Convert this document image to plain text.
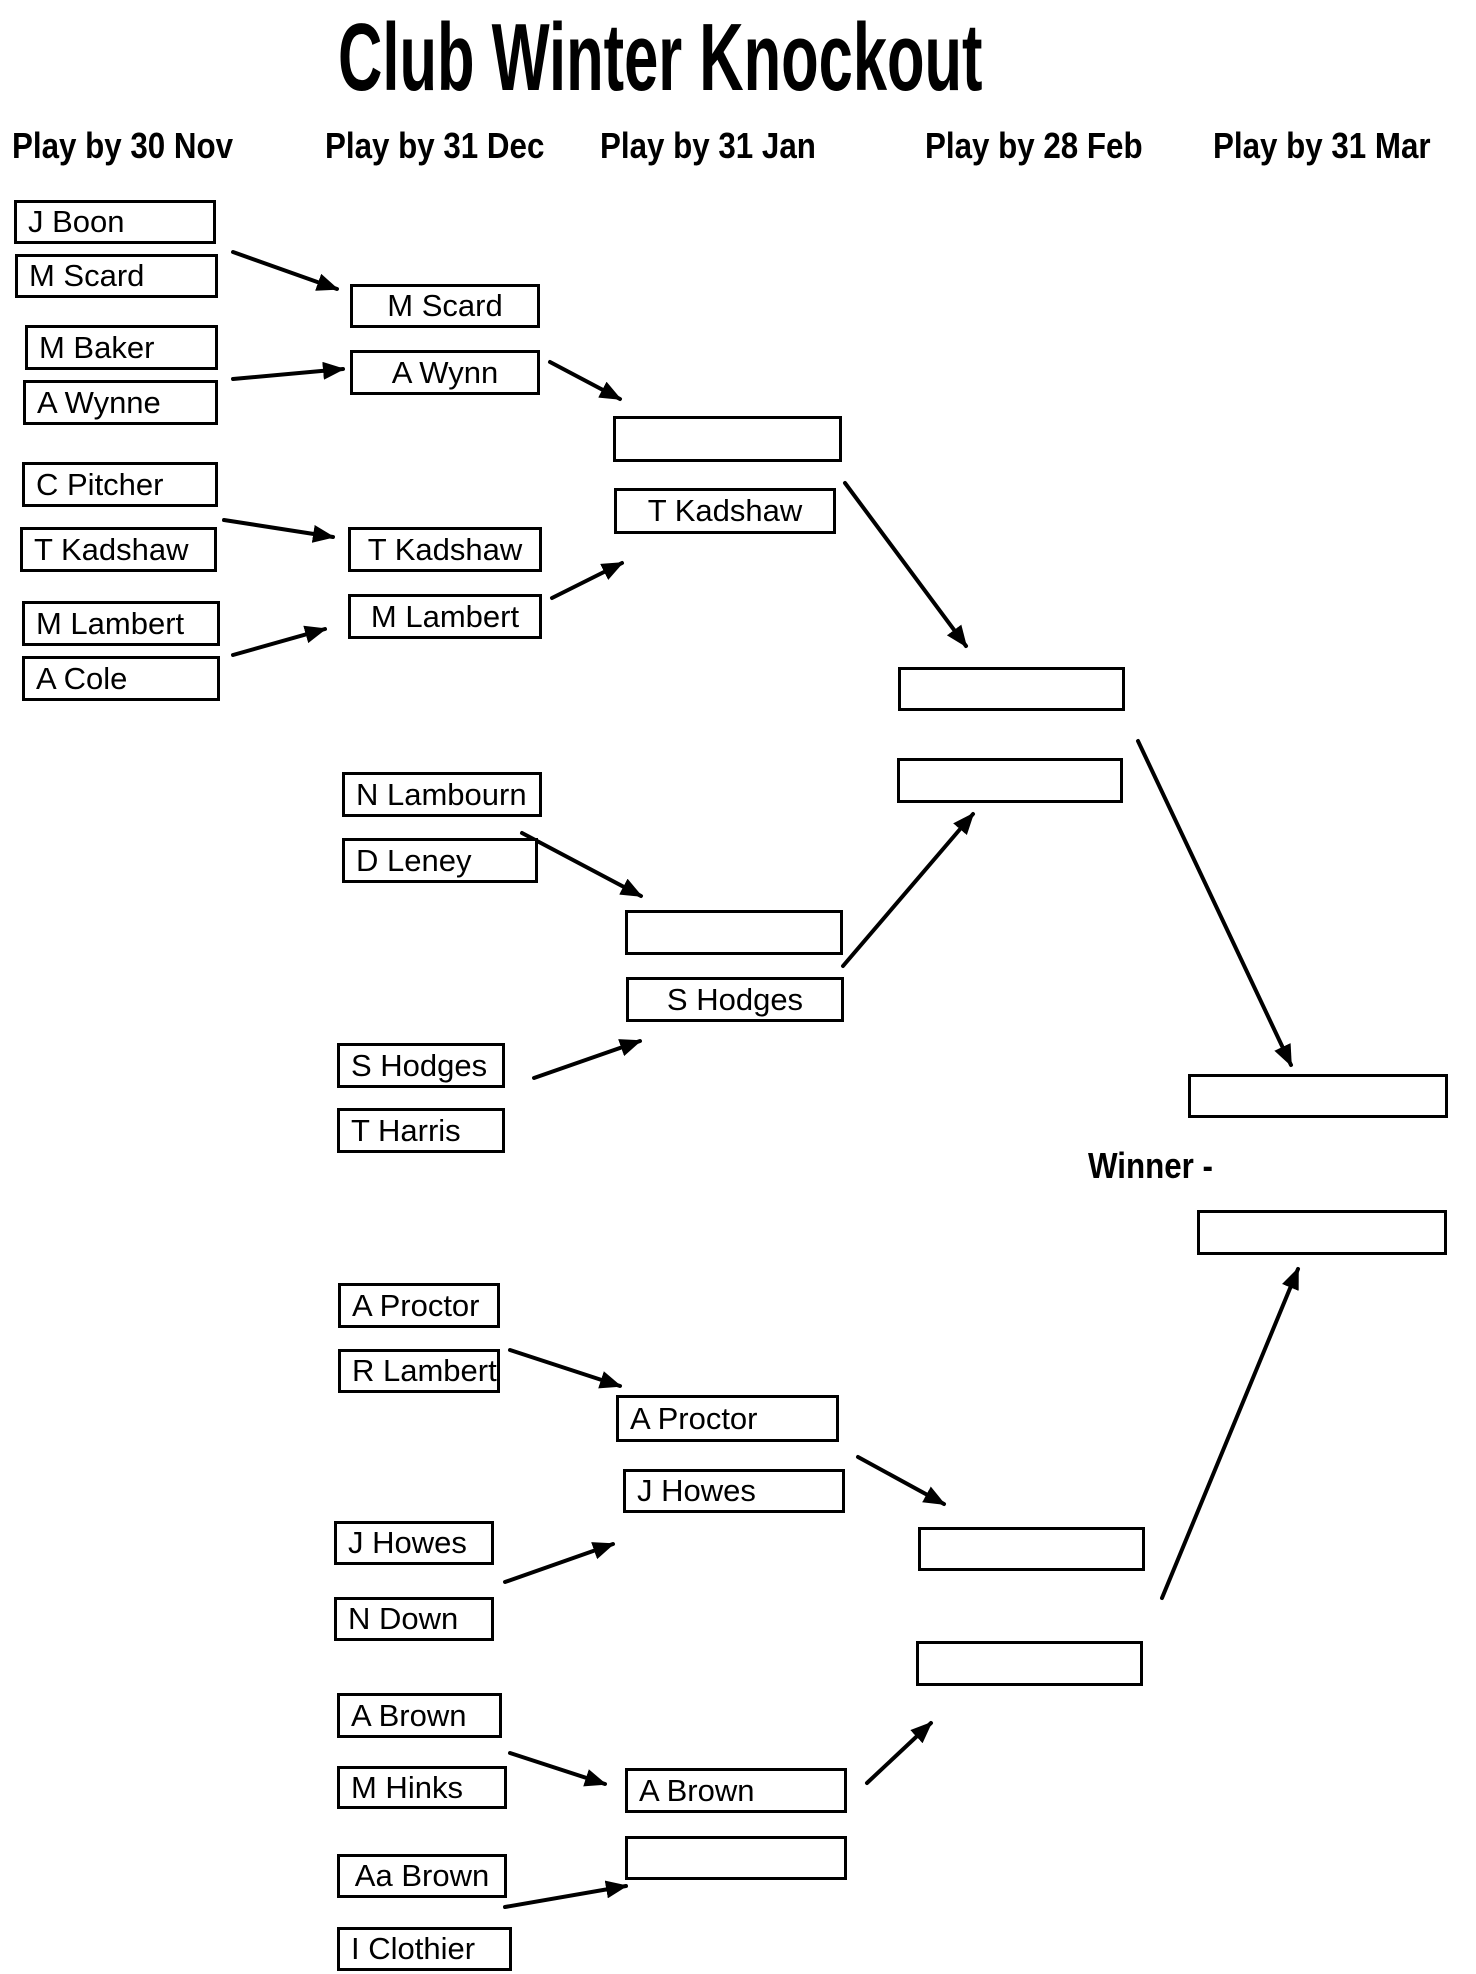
Club Winter Knockout
Play by 30 Nov	Play by 31 Dec Play by 31 Jan	Play by 28 Feb Play by 31 Mar
J Boon
M Scard
M Baker
A Wynne
C Pitcher
T Kadshaw
M Lambert
A Cole
M Scard
A Wynn
T Kadshaw
M Lambert
N Lambourn
D Leney
S Hodges
T Harris
A Proctor
R Lambert
J Howes
N Down
A Brown
M Hinks
Aa Brown
I Clothier
T Kadshaw
S Hodges
A Proctor
J Howes
A Brown
Winner -
